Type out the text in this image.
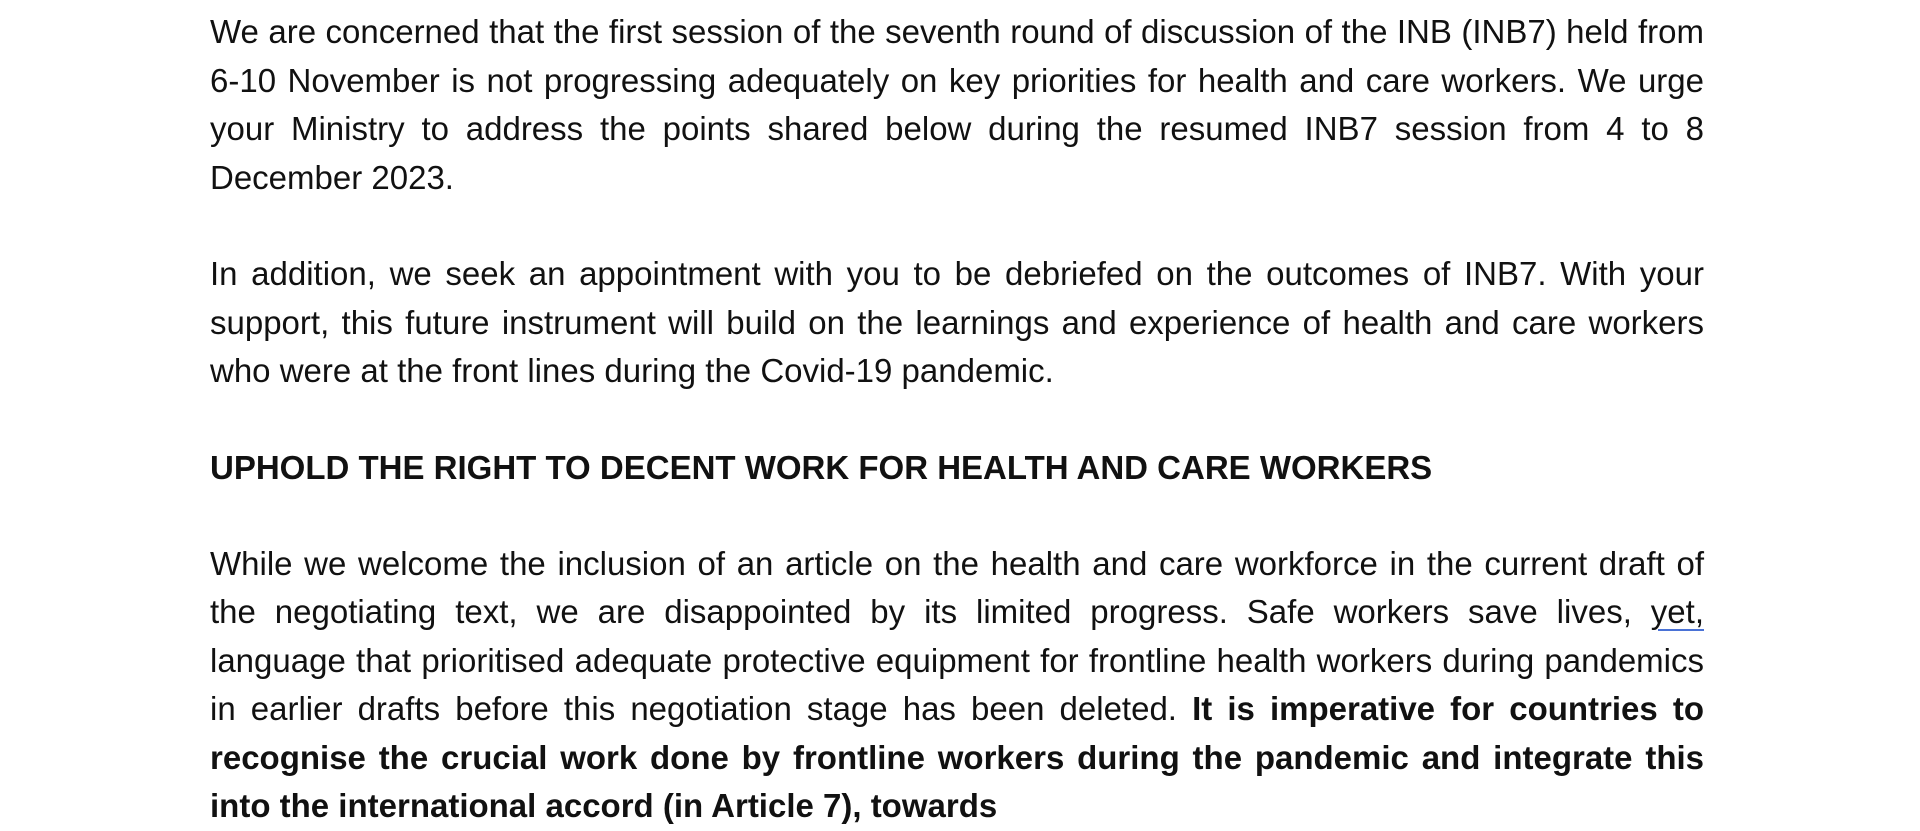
We are concerned that the first session of the seventh round of discussion of the INB (INB7) held from 6-10 November is not progressing adequately on key priorities for health and care workers. We urge your Ministry to address the points shared below during the resumed INB7 session from 4 to 8 December 2023.

In addition, we seek an appointment with you to be debriefed on the outcomes of INB7. With your support, this future instrument will build on the learnings and experience of health and care workers who were at the front lines during the Covid-19 pandemic.

UPHOLD THE RIGHT TO DECENT WORK FOR HEALTH AND CARE WORKERS

While we welcome the inclusion of an article on the health and care workforce in the current draft of the negotiating text, we are disappointed by its limited progress. Safe workers save lives, yet, language that prioritised adequate protective equipment for frontline health workers during pandemics in earlier drafts before this negotiation stage has been deleted. It is imperative for countries to recognise the crucial work done by frontline workers during the pandemic and integrate this into the international accord (in Article 7), towards
